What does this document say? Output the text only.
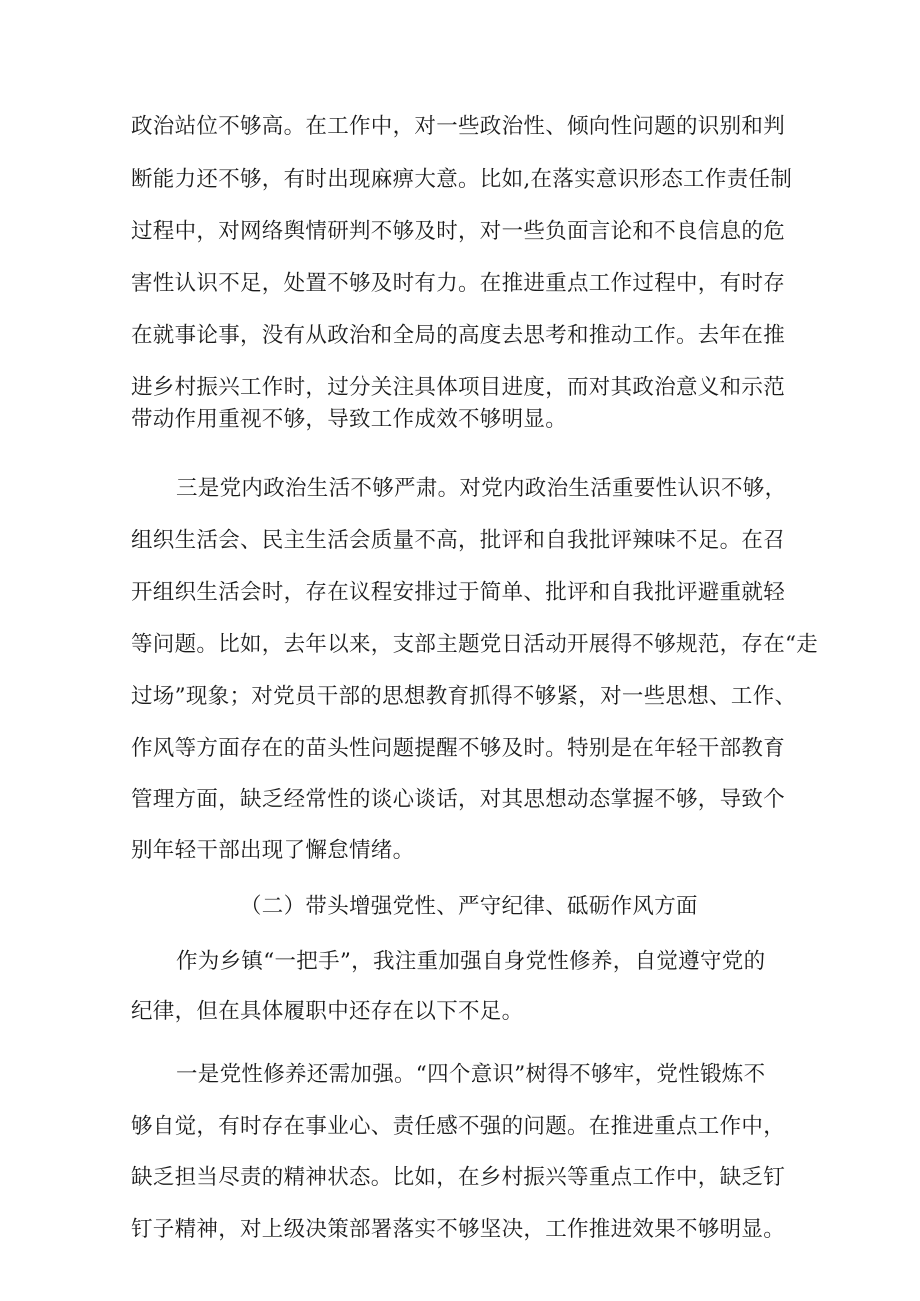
政治站位不够高。在工作中，对一些政治性、倾向性问题的识别和判

断能力还不够，有时出现麻痹大意。比如,在落实意识形态工作责任制

过程中，对网络舆情研判不够及时，对一些负面言论和不良信息的危

害性认识不足，处置不够及时有力。在推进重点工作过程中，有时存

在就事论事，没有从政治和全局的高度去思考和推动工作。去年在推

进乡村振兴工作时，过分关注具体项目进度，而对其政治意义和示范

带动作用重视不够，导致工作成效不够明显。

三是党内政治生活不够严肃。对党内政治生活重要性认识不够，

组织生活会、民主生活会质量不高，批评和自我批评辣味不足。在召

开组织生活会时，存在议程安排过于简单、批评和自我批评避重就轻

等问题。比如，去年以来，支部主题党日活动开展得不够规范，存在“走

过场”现象；对党员干部的思想教育抓得不够紧，对一些思想、工作、

作风等方面存在的苗头性问题提醒不够及时。特别是在年轻干部教育

管理方面，缺乏经常性的谈心谈话，对其思想动态掌握不够，导致个

别年轻干部出现了懈怠情绪。

（二）带头增强党性、严守纪律、砥砺作风方面

作为乡镇“一把手”，我注重加强自身党性修养，自觉遵守党的

纪律，但在具体履职中还存在以下不足。

一是党性修养还需加强。“四个意识”树得不够牢，党性锻炼不

够自觉，有时存在事业心、责任感不强的问题。在推进重点工作中，

缺乏担当尽责的精神状态。比如，在乡村振兴等重点工作中，缺乏钉

钉子精神，对上级决策部署落实不够坚决，工作推进效果不够明显。
